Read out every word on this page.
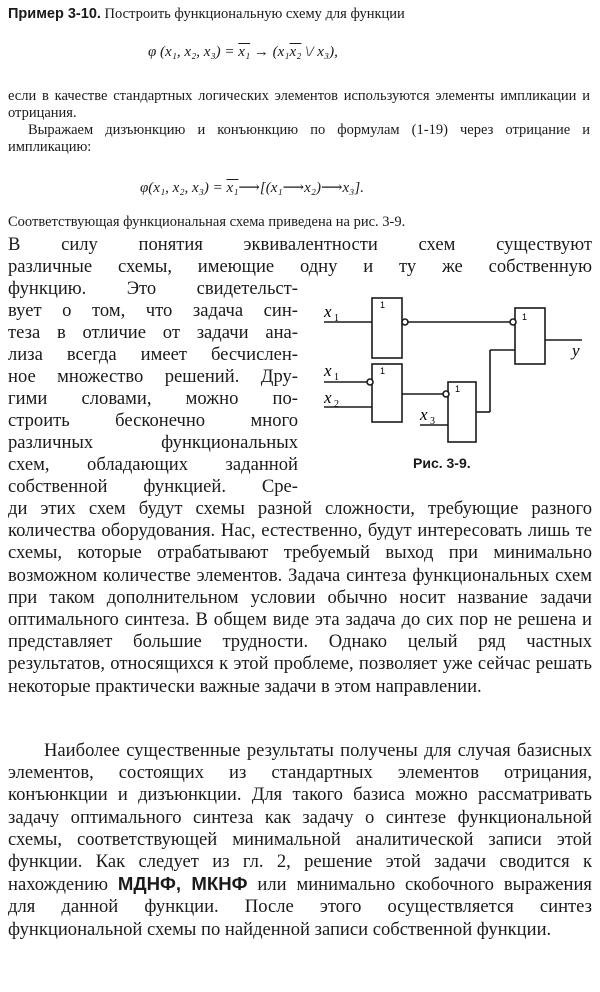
Пример 3-10. Построить функциональную схему для функции
φ (x₁, x₂, x₃) = x₁ → (x₁x₂ \/ x₃),
если в качестве стандартных логических элементов используются элементы импликации и отрицания.
Выражаем дизъюнкцию и конъюнкцию по формулам (1-19) через отрицание и импликацию:
φ(x₁, x₂, x₃) = x₁⟶[(x₁⟶x₂)⟶x₃].
Соответствующая функциональная схема приведена на рис. 3-9.
В силу понятия эквивалентности схем существуют
различные схемы, имеющие одну и ту же собственную
функцию. Это свидетельст-
вует о том, что задача син-
теза в отличие от задачи ана-
лиза всегда имеет бесчислен-
ное множество решений. Дру-
гими словами, можно по-
строить бесконечно много
различных функциональных
схем, обладающих заданной
собственной функцией. Сре-
ди этих схем будут схемы разной сложности, требующие разного количества оборудования. Нас, естественно, будут интересовать лишь те схемы, которые отрабатывают требуемый выход при минимально возможном количестве элементов. Задача синтеза функциональных схем при таком дополнительном условии обычно носит название задачи оптимального синтеза. В общем виде эта задача до сих пор не решена и представляет большие трудности. Однако целый ряд частных результатов, относящихся к этой проблеме, позволяет уже сейчас решать некоторые практически важные задачи в этом направлении.
Наиболее существенные результаты получены для случая базисных элементов, состоящих из стандартных элементов отрицания, конъюнкции и дизъюнкции. Для такого базиса можно рассматривать задачу оптимального синтеза как задачу о синтезе функциональной схемы, соответствующей минимальной аналитической записи этой функции. Как следует из гл. 2, решение этой задачи сводится к нахождению МДНФ, МКНФ или минимально скобочного выражения для данной функции. После этого осуществляется синтез функциональной схемы по найденной записи собственной функции.
1
1
1
1
x 1
x 1
x 2
x 3
y
Рис. 3-9.
